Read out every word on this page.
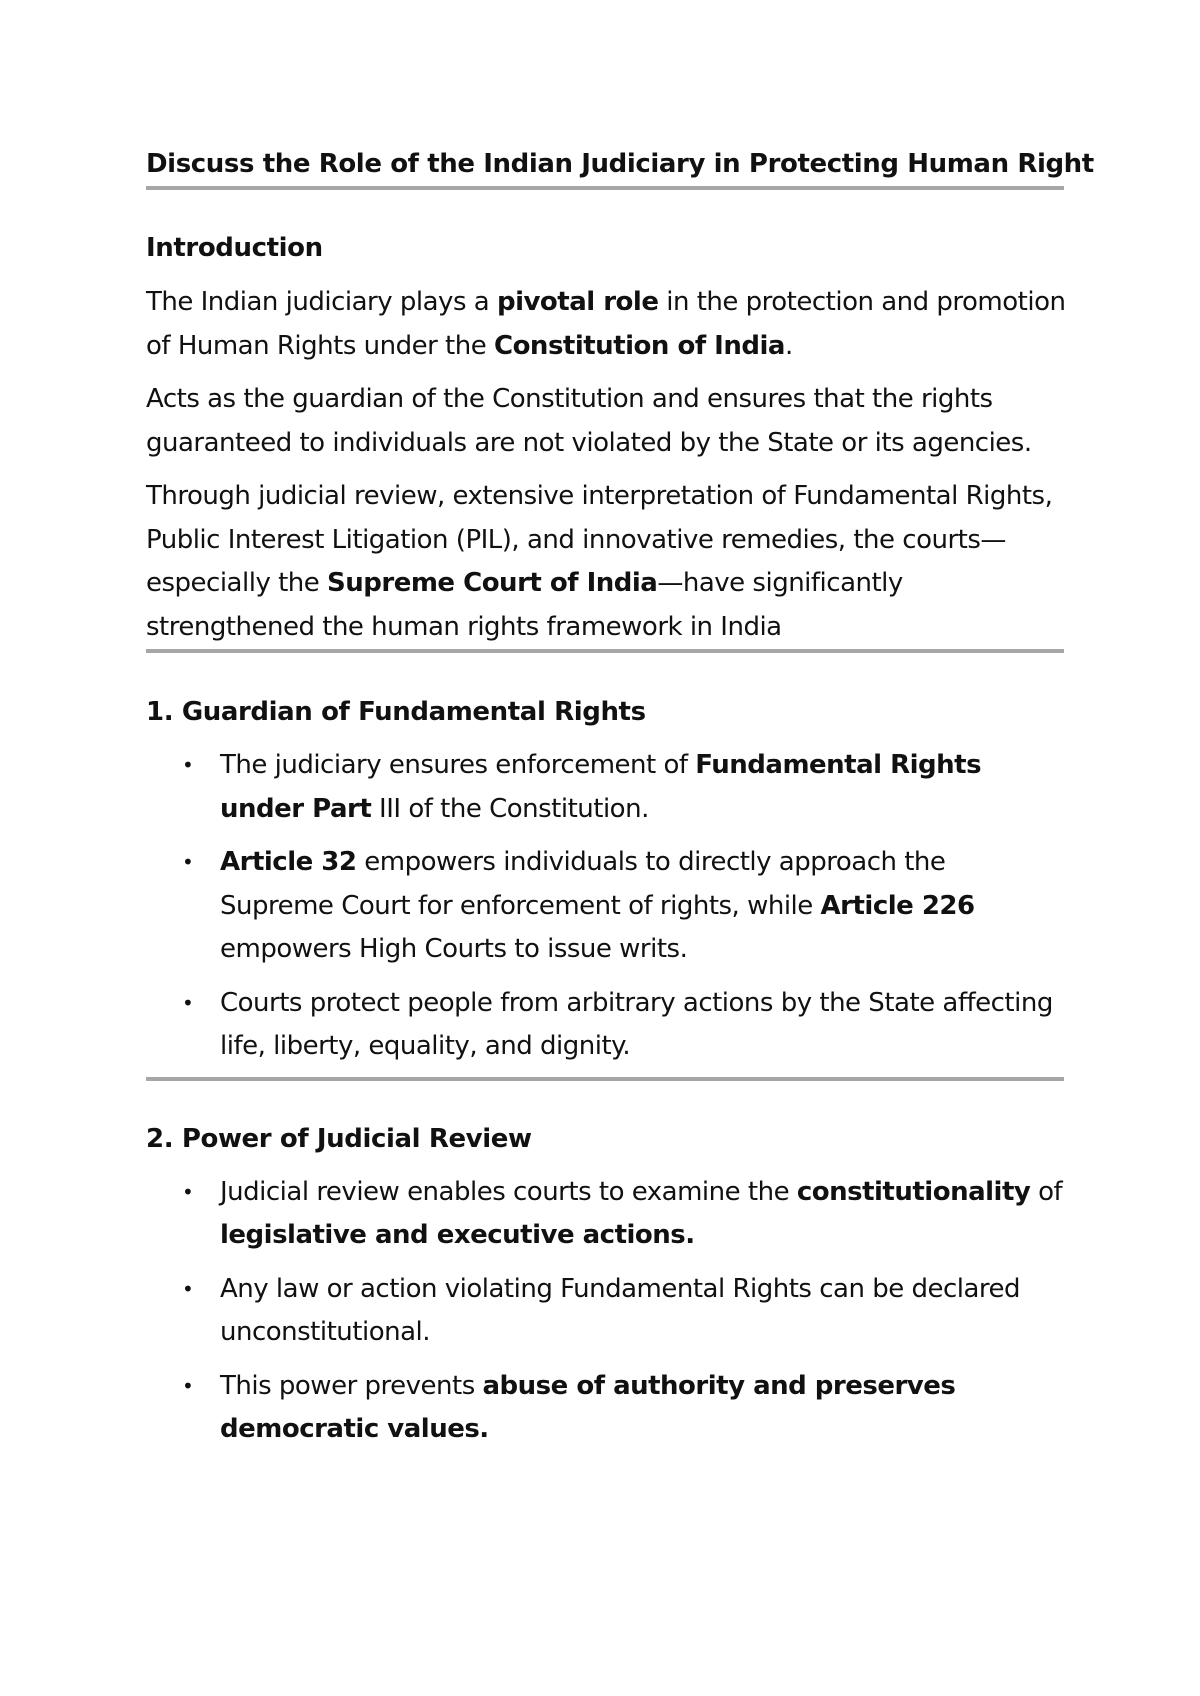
Discuss the Role of the Indian Judiciary in Protecting Human Right
Introduction

The Indian judiciary plays a pivotal role in the protection and promotion of Human Rights under the Constitution of India.

Acts as the guardian of the Constitution and ensures that the rights guaranteed to individuals are not violated by the State or its agencies.

Through judicial review, extensive interpretation of Fundamental Rights, Public Interest Litigation (PIL), and innovative remedies, the courts—especially the Supreme Court of India—have significantly strengthened the human rights framework in India

1. Guardian of Fundamental Rights
• The judiciary ensures enforcement of Fundamental Rights under Part III of the Constitution.
• Article 32 empowers individuals to directly approach the Supreme Court for enforcement of rights, while Article 226 empowers High Courts to issue writs.
• Courts protect people from arbitrary actions by the State affecting life, liberty, equality, and dignity.
2. Power of Judicial Review
• Judicial review enables courts to examine the constitutionality of legislative and executive actions.
• Any law or action violating Fundamental Rights can be declared unconstitutional.
• This power prevents abuse of authority and preserves democratic values.
